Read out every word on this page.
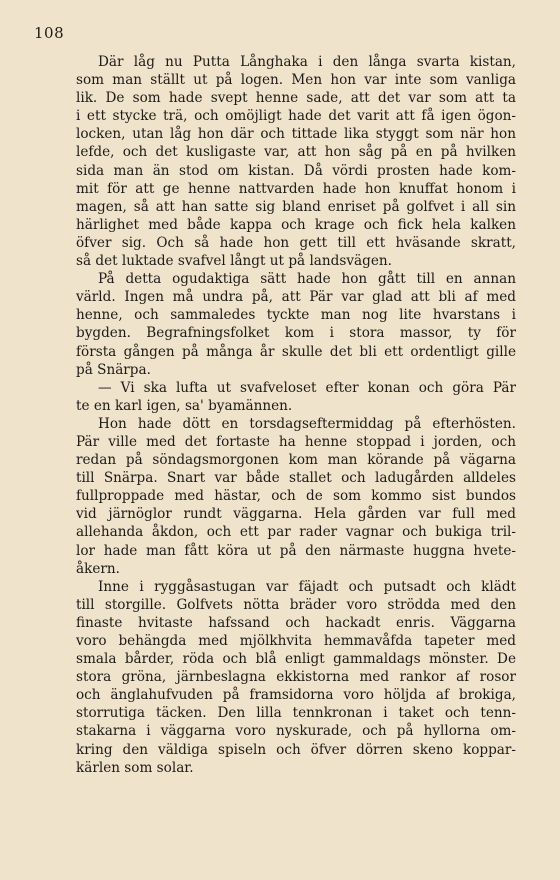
108
Där låg nu Putta Långhaka i den långa svarta kistan,
som man ställt ut på logen. Men hon var inte som vanliga
lik. De som hade svept henne sade, att det var som att ta
i ett stycke trä, och omöjligt hade det varit att få igen ögon-
locken, utan låg hon där och tittade lika styggt som när hon
lefde, och det kusligaste var, att hon såg på en på hvilken
sida man än stod om kistan. Då vördi prosten hade kom-
mit för att ge henne nattvarden hade hon knuffat honom i
magen, så att han satte sig bland enriset på golfvet i all sin
härlighet med både kappa och krage och fick hela kalken
öfver sig. Och så hade hon gett till ett hväsande skratt,
så det luktade svafvel långt ut på landsvägen.
På detta ogudaktiga sätt hade hon gått till en annan
värld. Ingen må undra på, att Pär var glad att bli af med
henne, och sammaledes tyckte man nog lite hvarstans i
bygden. Begrafningsfolket kom i stora massor, ty för
första gången på många år skulle det bli ett ordentligt gille
på Snärpa.
— Vi ska lufta ut svafveloset efter konan och göra Pär
te en karl igen, sa' byamännen.
Hon hade dött en torsdagseftermiddag på efterhösten.
Pär ville med det fortaste ha henne stoppad i jorden, och
redan på söndagsmorgonen kom man körande på vägarna
till Snärpa. Snart var både stallet och ladugården alldeles
fullproppade med hästar, och de som kommo sist bundos
vid järnöglor rundt väggarna. Hela gården var full med
allehanda åkdon, och ett par rader vagnar och bukiga tril-
lor hade man fått köra ut på den närmaste huggna hvete-
åkern.
Inne i ryggåsastugan var fäjadt och putsadt och klädt
till storgille. Golfvets nötta bräder voro strödda med den
finaste hvitaste hafssand och hackadt enris. Väggarna
voro behängda med mjölkhvita hemmavåfda tapeter med
smala bårder, röda och blå enligt gammaldags mönster. De
stora gröna, järnbeslagna ekkistorna med rankor af rosor
och änglahufvuden på framsidorna voro höljda af brokiga,
storrutiga täcken. Den lilla tennkronan i taket och tenn-
stakarna i väggarna voro nyskurade, och på hyllorna om-
kring den väldiga spiseln och öfver dörren skeno koppar-
kärlen som solar.
